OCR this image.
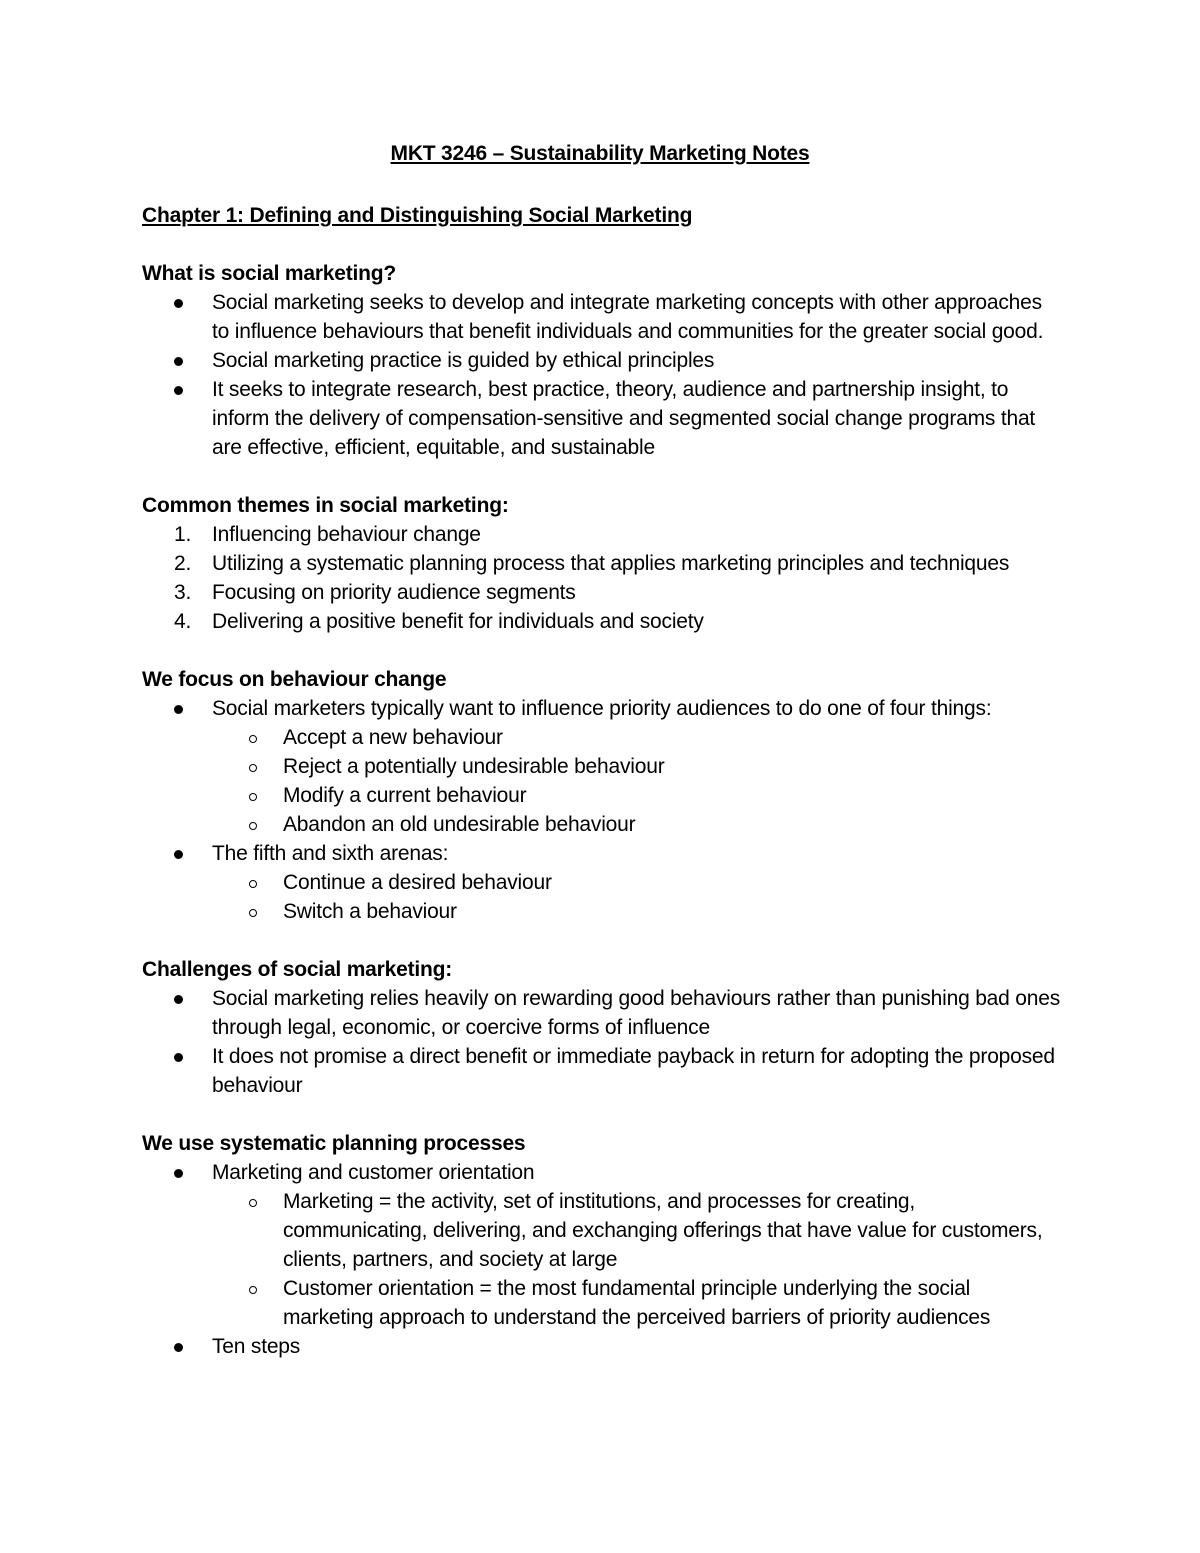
MKT 3246 – Sustainability Marketing Notes
Chapter 1: Defining and Distinguishing Social Marketing
What is social marketing?
Social marketing seeks to develop and integrate marketing concepts with other approaches to influence behaviours that benefit individuals and communities for the greater social good.
Social marketing practice is guided by ethical principles
It seeks to integrate research, best practice, theory, audience and partnership insight, to inform the delivery of compensation-sensitive and segmented social change programs that are effective, efficient, equitable, and sustainable
Common themes in social marketing:
1. Influencing behaviour change
2. Utilizing a systematic planning process that applies marketing principles and techniques
3. Focusing on priority audience segments
4. Delivering a positive benefit for individuals and society
We focus on behaviour change
Social marketers typically want to influence priority audiences to do one of four things:
Accept a new behaviour
Reject a potentially undesirable behaviour
Modify a current behaviour
Abandon an old undesirable behaviour
The fifth and sixth arenas:
Continue a desired behaviour
Switch a behaviour
Challenges of social marketing:
Social marketing relies heavily on rewarding good behaviours rather than punishing bad ones through legal, economic, or coercive forms of influence
It does not promise a direct benefit or immediate payback in return for adopting the proposed behaviour
We use systematic planning processes
Marketing and customer orientation
Marketing = the activity, set of institutions, and processes for creating, communicating, delivering, and exchanging offerings that have value for customers, clients, partners, and society at large
Customer orientation = the most fundamental principle underlying the social marketing approach to understand the perceived barriers of priority audiences
Ten steps
